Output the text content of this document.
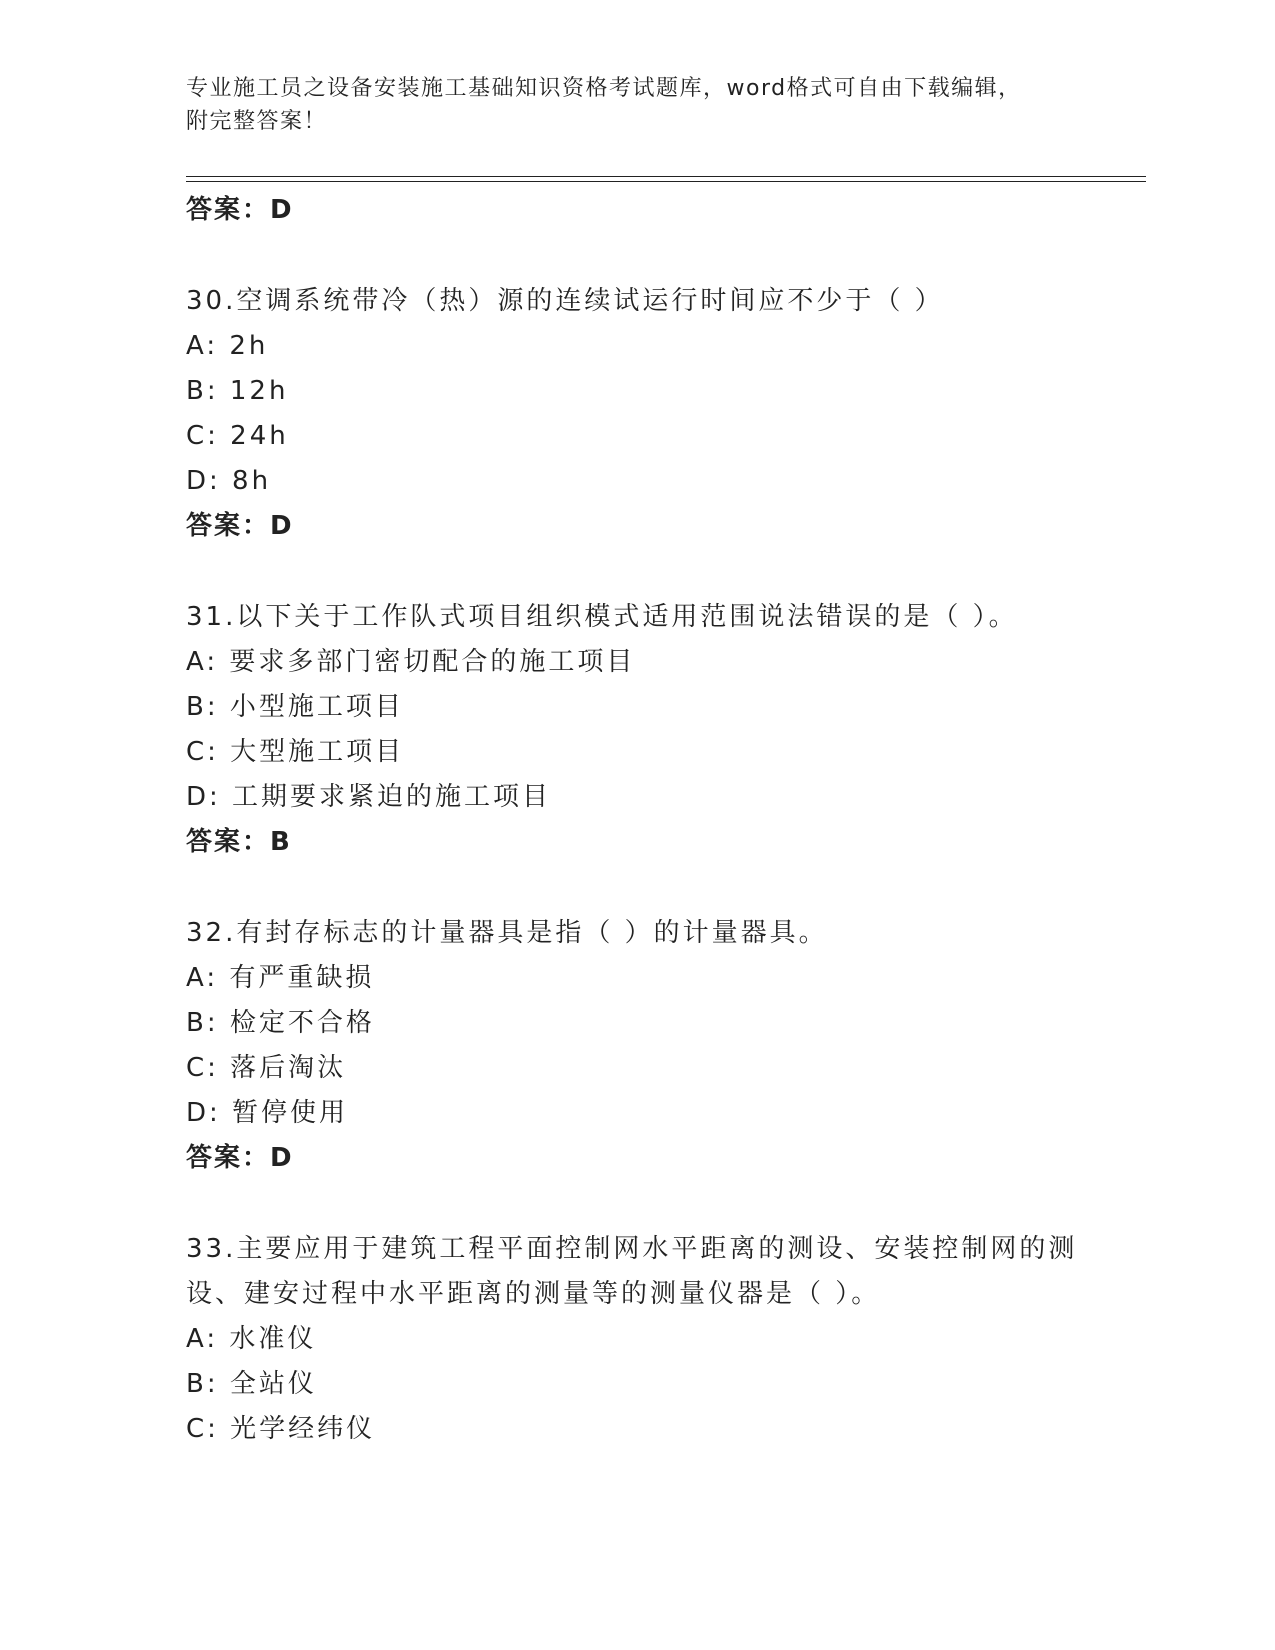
专业施工员之设备安装施工基础知识资格考试题库，word格式可自由下载编辑，
附完整答案！
答案：D
30.空调系统带冷（热）源的连续试运行时间应不少于（ ）
A: 2h
B: 12h
C: 24h
D: 8h
答案：D
31.以下关于工作队式项目组织模式适用范围说法错误的是（ ）。
A: 要求多部门密切配合的施工项目
B: 小型施工项目
C: 大型施工项目
D: 工期要求紧迫的施工项目
答案：B
32.有封存标志的计量器具是指（ ）的计量器具。
A: 有严重缺损
B: 检定不合格
C: 落后淘汰
D: 暂停使用
答案：D
33.主要应用于建筑工程平面控制网水平距离的测设、安装控制网的测
设、建安过程中水平距离的测量等的测量仪器是（ ）。
A: 水准仪
B: 全站仪
C: 光学经纬仪
